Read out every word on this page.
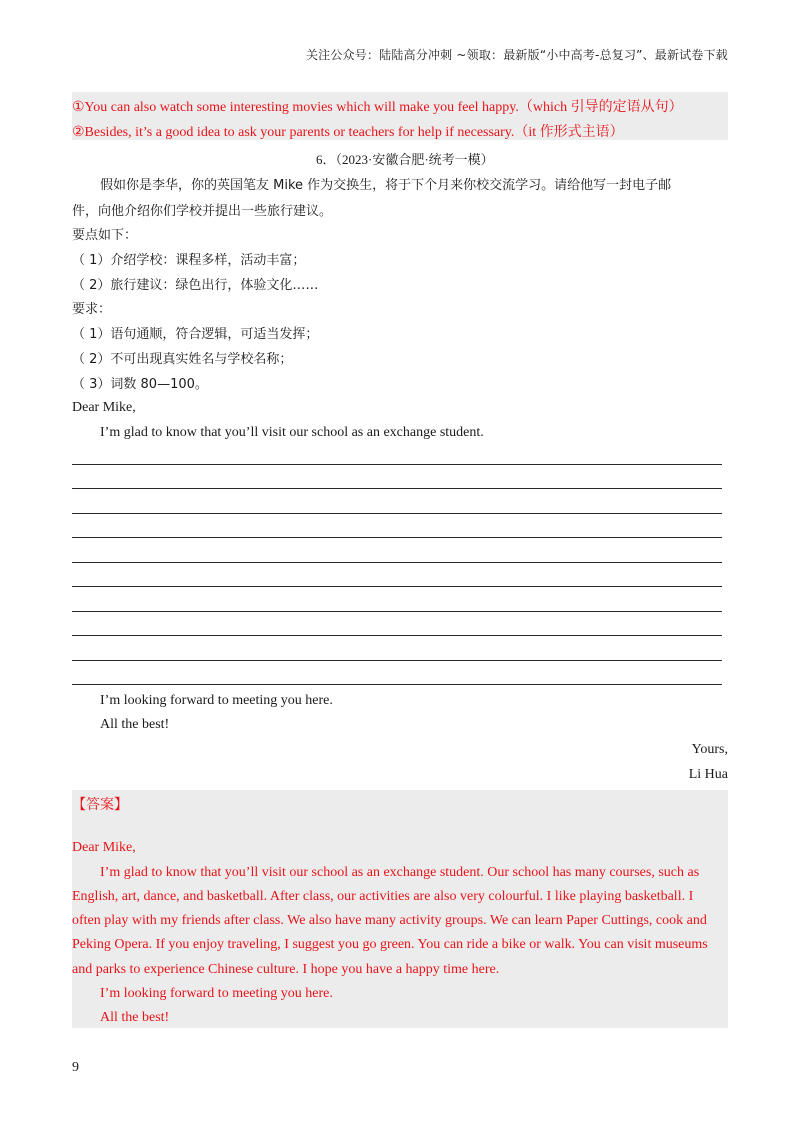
关注公众号：陆陆高分冲刺 ~领取：最新版“小中高考-总复习”、最新试卷下载
①You can also watch some interesting movies which will make you feel happy.（which 引导的定语从句）
②Besides, it’s a good idea to ask your parents or teachers for help if necessary.（it 作形式主语）
6．（2023·安徽合肥·统考一模）
假如你是李华，你的英国笔友 Mike 作为交换生，将于下个月来你校交流学习。请给他写一封电子邮
件，向他介绍你们学校并提出一些旅行建议。
要点如下：
（ 1）介绍学校：课程多样，活动丰富；
（ 2）旅行建议：绿色出行，体验文化……
要求：
（ 1）语句通顺，符合逻辑，可适当发挥；
（ 2）不可出现真实姓名与学校名称；
（ 3）词数 80—100。
Dear Mike,
I’m glad to know that you’ll visit our school as an exchange student.
I’m looking forward to meeting you here.
All the best!
Yours,
Li Hua
【答案】
Dear Mike,
I’m glad to know that you’ll visit our school as an exchange student. Our school has many courses, such as
English, art, dance, and basketball. After class, our activities are also very colourful. I like playing basketball. I
often play with my friends after class. We also have many activity groups. We can learn Paper Cuttings, cook and
Peking Opera. If you enjoy traveling, I suggest you go green. You can ride a bike or walk. You can visit museums
and parks to experience Chinese culture. I hope you have a happy time here.
I’m looking forward to meeting you here.
All the best!
9
